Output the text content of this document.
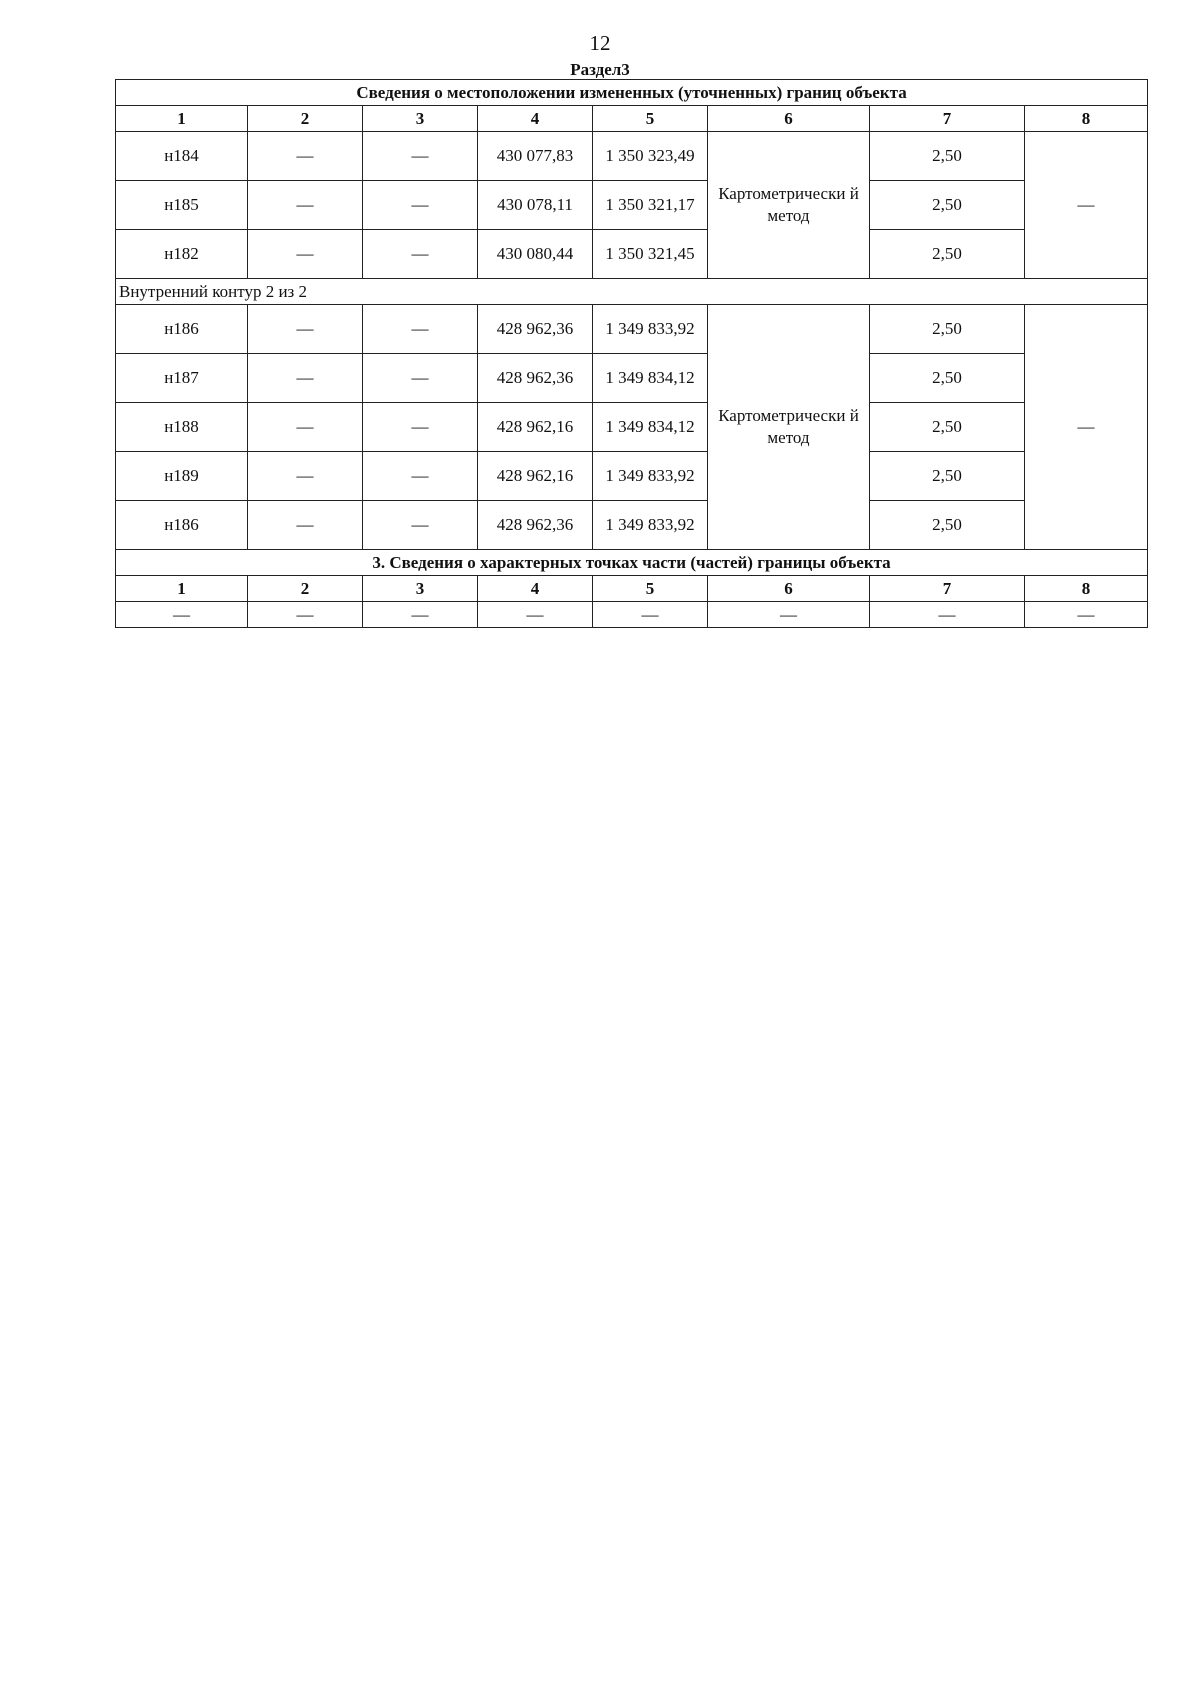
12
Раздел3
Сведения о местоположении измененных (уточненных) границ объекта							
1	2	3	4	5	6	7	8
н184	—	—	430 077,83	1 350 323,49	Картометрически й метод	2,50	—
н185	—	—	430 078,11	1 350 321,17		2,50	
н182	—	—	430 080,44	1 350 321,45		2,50	
Внутренний контур 2 из 2							
н186	—	—	428 962,36	1 349 833,92	Картометрически й метод	2,50	—
н187	—	—	428 962,36	1 349 834,12		2,50	
н188	—	—	428 962,16	1 349 834,12		2,50	
н189	—	—	428 962,16	1 349 833,92		2,50	
н186	—	—	428 962,36	1 349 833,92		2,50	
3. Сведения о характерных точках части (частей) границы объекта							
1	2	3	4	5	6	7	8
—	—	—	—	—	—	—	—
